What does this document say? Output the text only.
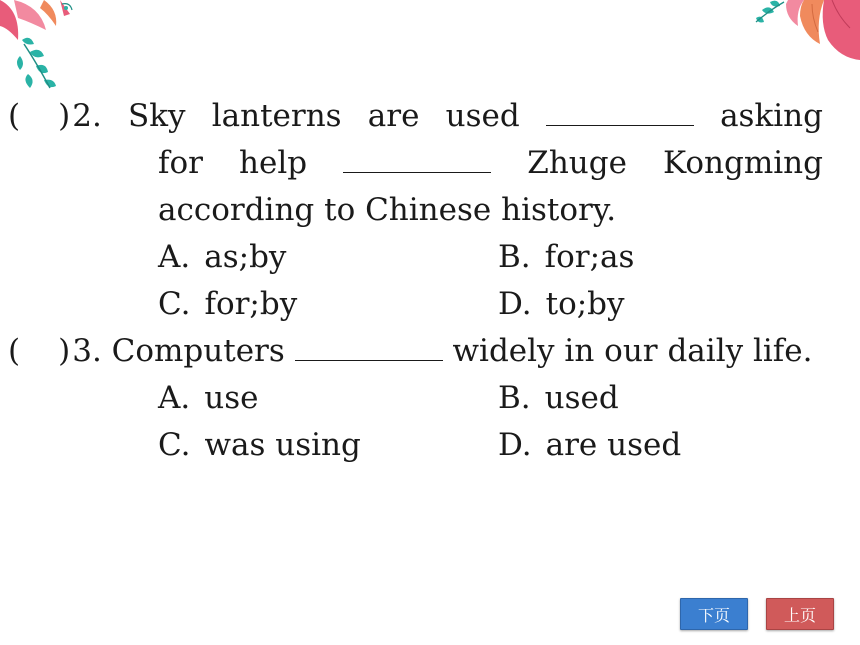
( )2. Sky lanterns are used	asking
for help	Zhuge Kongming
according to Chinese history.
A. as;by	B. for;as
C. for;by	D. to;by
( )3. Computers	widely in our daily life.
A. use	B. used
C. was using	D. are used
下页	上页
